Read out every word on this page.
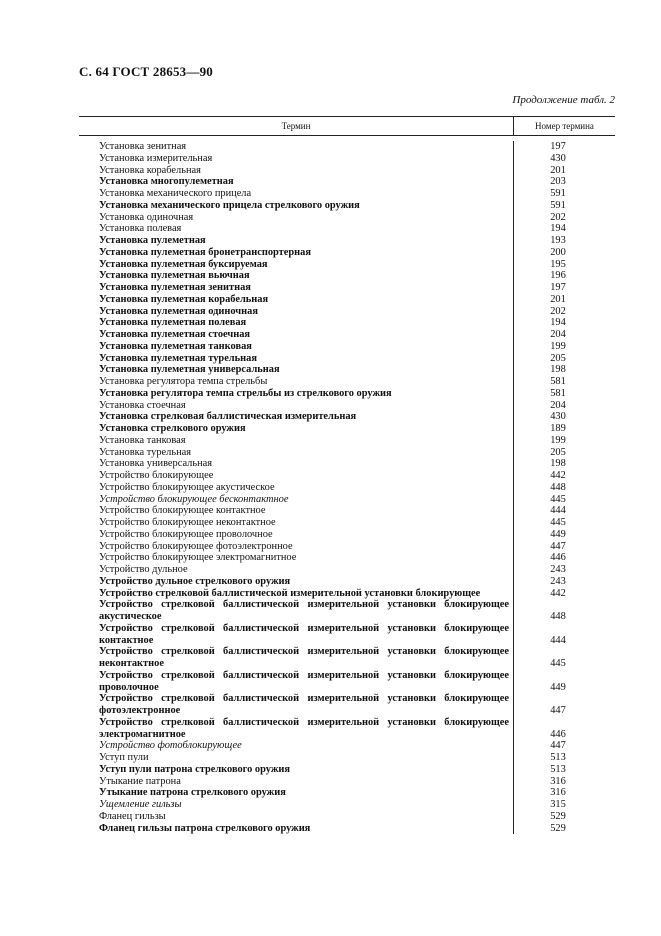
С. 64 ГОСТ 28653—90
Продолжение табл. 2
Термин	Номер термина
Установка зенитная	197
Установка измерительная	430
Установка корабельная	201
Установка многопулеметная	203
Установка механического прицела	591
Установка механического прицела стрелкового оружия	591
Установка одиночная	202
Установка полевая	194
Установка пулеметная	193
Установка пулеметная бронетранспортерная	200
Установка пулеметная буксируемая	195
Установка пулеметная вьючная	196
Установка пулеметная зенитная	197
Установка пулеметная корабельная	201
Установка пулеметная одиночная	202
Установка пулеметная полевая	194
Установка пулеметная стоечная	204
Установка пулеметная танковая	199
Установка пулеметная турельная	205
Установка пулеметная универсальная	198
Установка регулятора темпа стрельбы	581
Установка регулятора темпа стрельбы из стрелкового оружия	581
Установка стоечная	204
Установка стрелковая баллистическая измерительная	430
Установка стрелкового оружия	189
Установка танковая	199
Установка турельная	205
Установка универсальная	198
Устройство блокирующее	442
Устройство блокирующее акустическое	448
Устройство блокирующее бесконтактное	445
Устройство блокирующее контактное	444
Устройство блокирующее неконтактное	445
Устройство блокирующее проволочное	449
Устройство блокирующее фотоэлектронное	447
Устройство блокирующее электромагнитное	446
Устройство дульное	243
Устройство дульное стрелкового оружия	243
Устройство стрелковой баллистической измерительной установки блокирующее	442
Устройство стрелковой баллистической измерительной установки блокирующее акустическое	448
Устройство стрелковой баллистической измерительной установки блокирующее контактное	444
Устройство стрелковой баллистической измерительной установки блокирующее неконтактное	445
Устройство стрелковой баллистической измерительной установки блокирующее проволочное	449
Устройство стрелковой баллистической измерительной установки блокирующее фотоэлектронное	447
Устройство стрелковой баллистической измерительной установки блокирующее электромагнитное	446
Устройство фотоблокирующее	447
Уступ пули	513
Уступ пули патрона стрелкового оружия	513
Утыкание патрона	316
Утыкание патрона стрелкового оружия	316
Ущемление гильзы	315
Фланец гильзы	529
Фланец гильзы патрона стрелкового оружия	529
